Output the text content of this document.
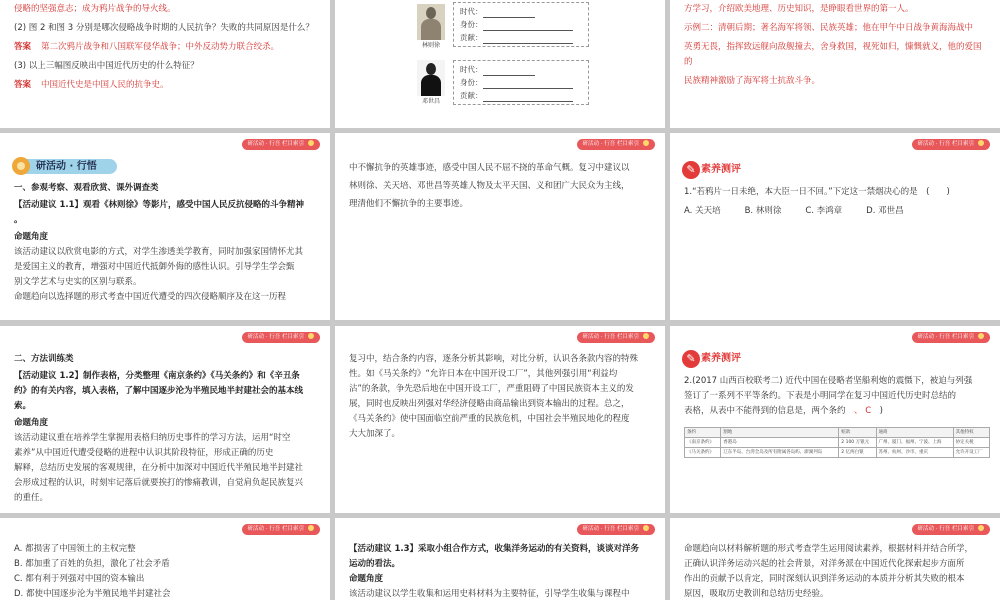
侵略的坚强意志；成为鸦片战争的导火线。

(2) 图 2 和图 3 分别是哪次侵略战争时期的人民抗争？失败的共同原因是什么？

答案 第二次鸦片战争和八国联军侵华战争；中外反动势力联合绞杀。

(3) 以上三幅图反映出中国近代历史的什么特征？

答案 中国近代史是中国人民的抗争史。

林则徐
时代：
身份：
贡献：
邓世昌
时代：
身份：
贡献：

方学习，介绍欧美地理、历史知识，是睁眼看世界的第一人。

示例二：清朝后期；著名海军将领、民族英雄；他在甲午中日战争黄海海战中

英勇无畏，指挥致远舰向敌舰撞去，舍身救国，视死如归，慷慨就义，他的爱国

的

民族精神激励了海军将士抗敌斗争。

研活动 · 行吾 栏目索引
研活动 · 行悟

一、参观考察、观看欣赏、课外调查类

【活动建议 1.1】观看《林则徐》等影片，感受中国人民反抗侵略的斗争精神
。

命题角度

该活动建议以欣赏电影的方式，对学生渗透美学教育，同时加强家国情怀尤其

是爱国主义的教育，增强对中国近代抵御外侮的感性认识。引导学生学会甄

别文学艺术与史实的区别与联系。

命题趋向以选择题的形式考查中国近代遭受的四次侵略顺序及在这一历程

研活动 · 行吾 栏目索引

中不懈抗争的英雄事迹，感受中国人民不屈不挠的革命气概。复习中建议以

林则徐、关天培、邓世昌等英雄人物及太平天国、义和团广大民众为主线，

理清他们不懈抗争的主要事迹。

研活动 · 行吾 栏目索引
✎ 素养测评

1.“若鸦片一日未绝，本大臣一日不回。”下定这一禁烟决心的是　(　　)

A. 关天培	B. 林则徐	C. 李鸿章	D. 邓世昌

研活动 · 行吾 栏目索引

二、方法训练类

【活动建议 1.2】制作表格，分类整理《南京条约》《马关条约》和《辛丑条

约》的有关内容，填入表格，了解中国逐步沦为半殖民地半封建社会的基本线

索。

命题角度

该活动建议重在培养学生掌握用表格归纳历史事件的学习方法，运用“时空

素养”从中国近代遭受侵略的进程中认识其阶段特征，形成正确的历史

解释，总结历史发展的客观规律，在分析中加深对中国近代半殖民地半封建社

会形成过程的认识，时刻牢记落后就要挨打的惨痛教训，自觉肩负起民族复兴

的重任。

研活动 · 行吾 栏目索引

复习中，结合条约内容，逐条分析其影响，对比分析，认识各条款内容的特殊

性。如《马关条约》“允许日本在中国开设工厂”，其他列强引用“利益均

沾”的条款，争先恐后地在中国开设工厂，严重阻碍了中国民族资本主义的发

展，同时也反映出列强对华经济侵略由商品输出到资本输出的过程。总之，

《马关条约》使中国面临空前严重的民族危机，中国社会半殖民地化的程度

大大加深了。

研活动 · 行吾 栏目索引
✎ 素养测评

2.(2017 山西百校联考二) 近代中国在侵略者坚船利炮的震慑下，被迫与列强

签订了一系列不平等条约。下表是小明同学在复习中国近代历史时总结的

表格，从表中不能得到的信息是，两个条约　、 C　)

条约	割地	赔款	通商	其他特权
《南京条约》	香港岛	2 100 万银元	广州、厦门、福州、宁波、上海	协定关税
《马关条约》	辽东半岛、台湾全岛及所有附属各岛屿、澎湖列岛	2 亿两白银	苏州、杭州、沙市、重庆	允许开设工厂
研活动 · 行吾 栏目索引

A. 都损害了中国领土的主权完整

B. 都加重了百姓的负担，激化了社会矛盾

C. 都有利于列强对中国的资本输出

D. 都使中国逐步沦为半殖民地半封建社会

研活动 · 行吾 栏目索引

【活动建议 1.3】采取小组合作方式，收集洋务运动的有关资料，谈谈对洋务

运动的看法。

命题角度

该活动建议以学生收集和运用史料材料为主要特征，引导学生收集与课程中

研活动 · 行吾 栏目索引

命题趋向以材料解析题的形式考查学生运用阅读素养，根据材料并结合所学，

正确认识洋务运动兴起的社会背景，对洋务派在中国近代化探索起步方面所

作出的贡献予以肯定，同时深刻认识到洋务运动的本质并分析其失败的根本

原因，吸取历史教训和总结历史经验。
